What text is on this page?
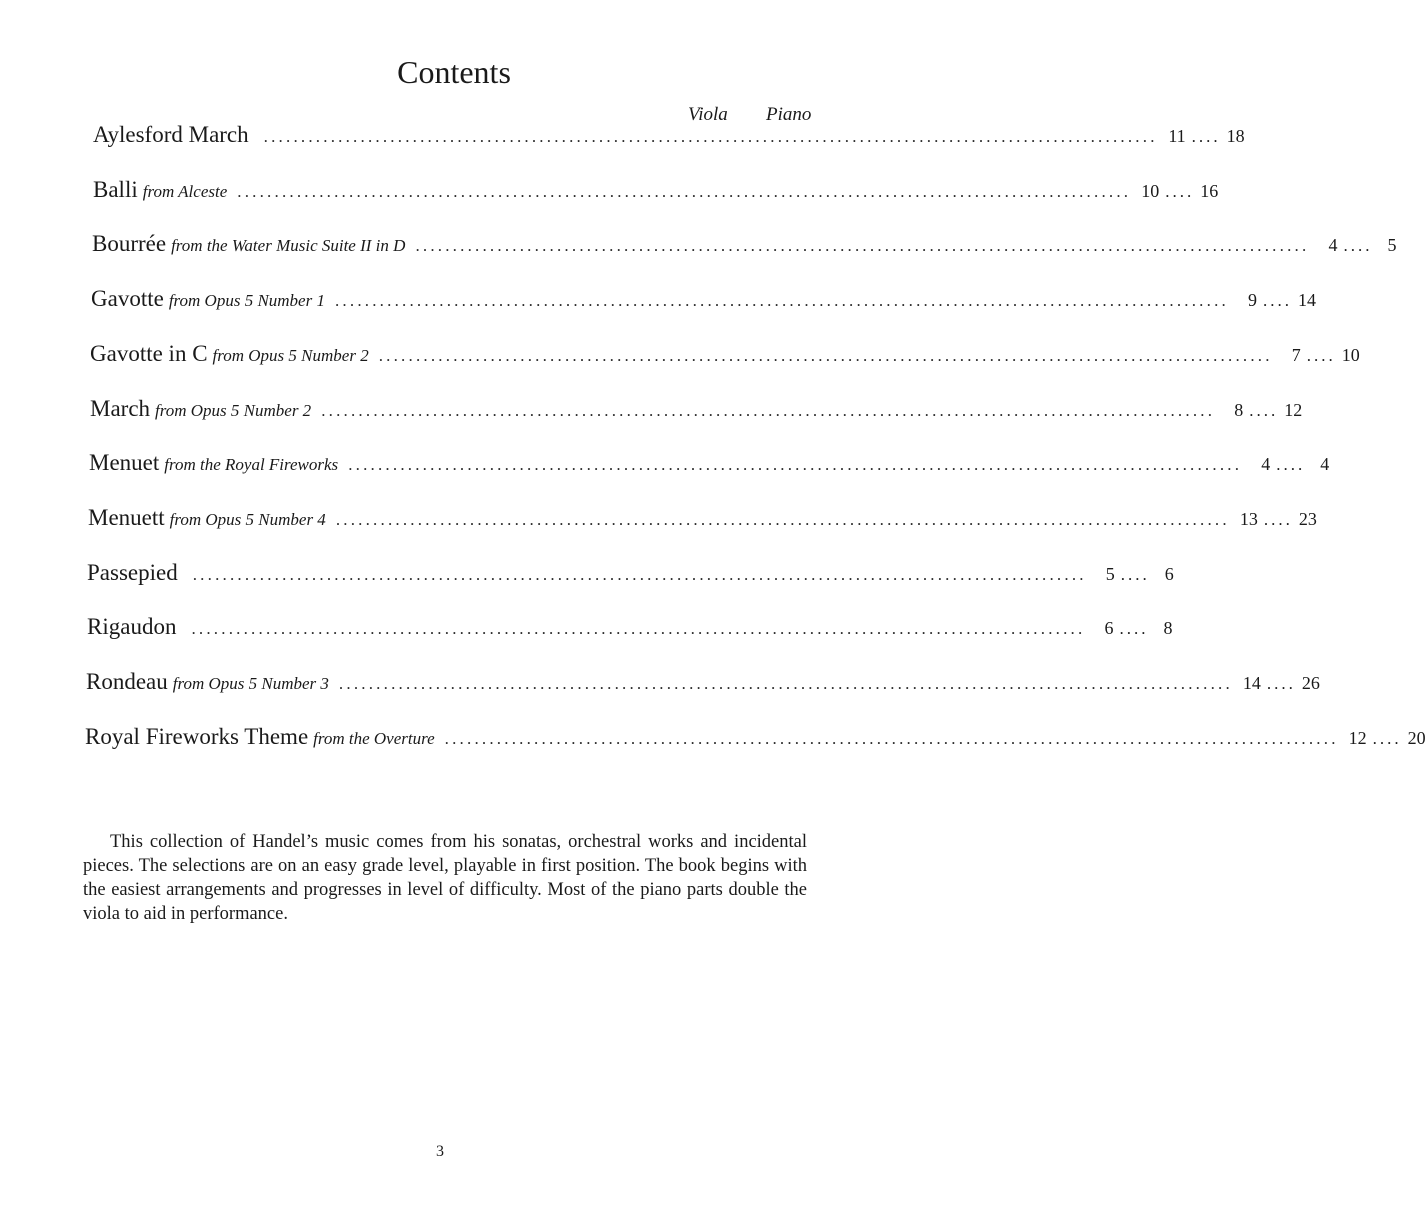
Contents
Viola Piano
Aylesford March ........................................................................................................................ 11 .... 18
Balli from Alceste ........................................................................................................................ 10 .... 16
Bourrée from the Water Music Suite II in D ........................................................................................................................	4 .... 5
Gavotte from Opus 5 Number 1 ........................................................................................................................	9 .... 14
Gavotte in C from Opus 5 Number 2 ........................................................................................................................	7 .... 10
March from Opus 5 Number 2 ........................................................................................................................	8 .... 12
Menuet from the Royal Fireworks ........................................................................................................................	4 .... 4
Menuett from Opus 5 Number 4 ........................................................................................................................ 13 .... 23
Passepied ........................................................................................................................	5 .... 6
Rigaudon ........................................................................................................................	6 .... 8
Rondeau from Opus 5 Number 3 ........................................................................................................................ 14 .... 26
Royal Fireworks Theme from the Overture ........................................................................................................................ 12 .... 20

This collection of Handel’s music comes from his sonatas, orchestral works and incidental pieces. The selections are on an easy grade level, playable in first position. The book begins with the easiest arrangements and progresses in level of difficulty. Most of the piano parts double the viola to aid in performance.

3
